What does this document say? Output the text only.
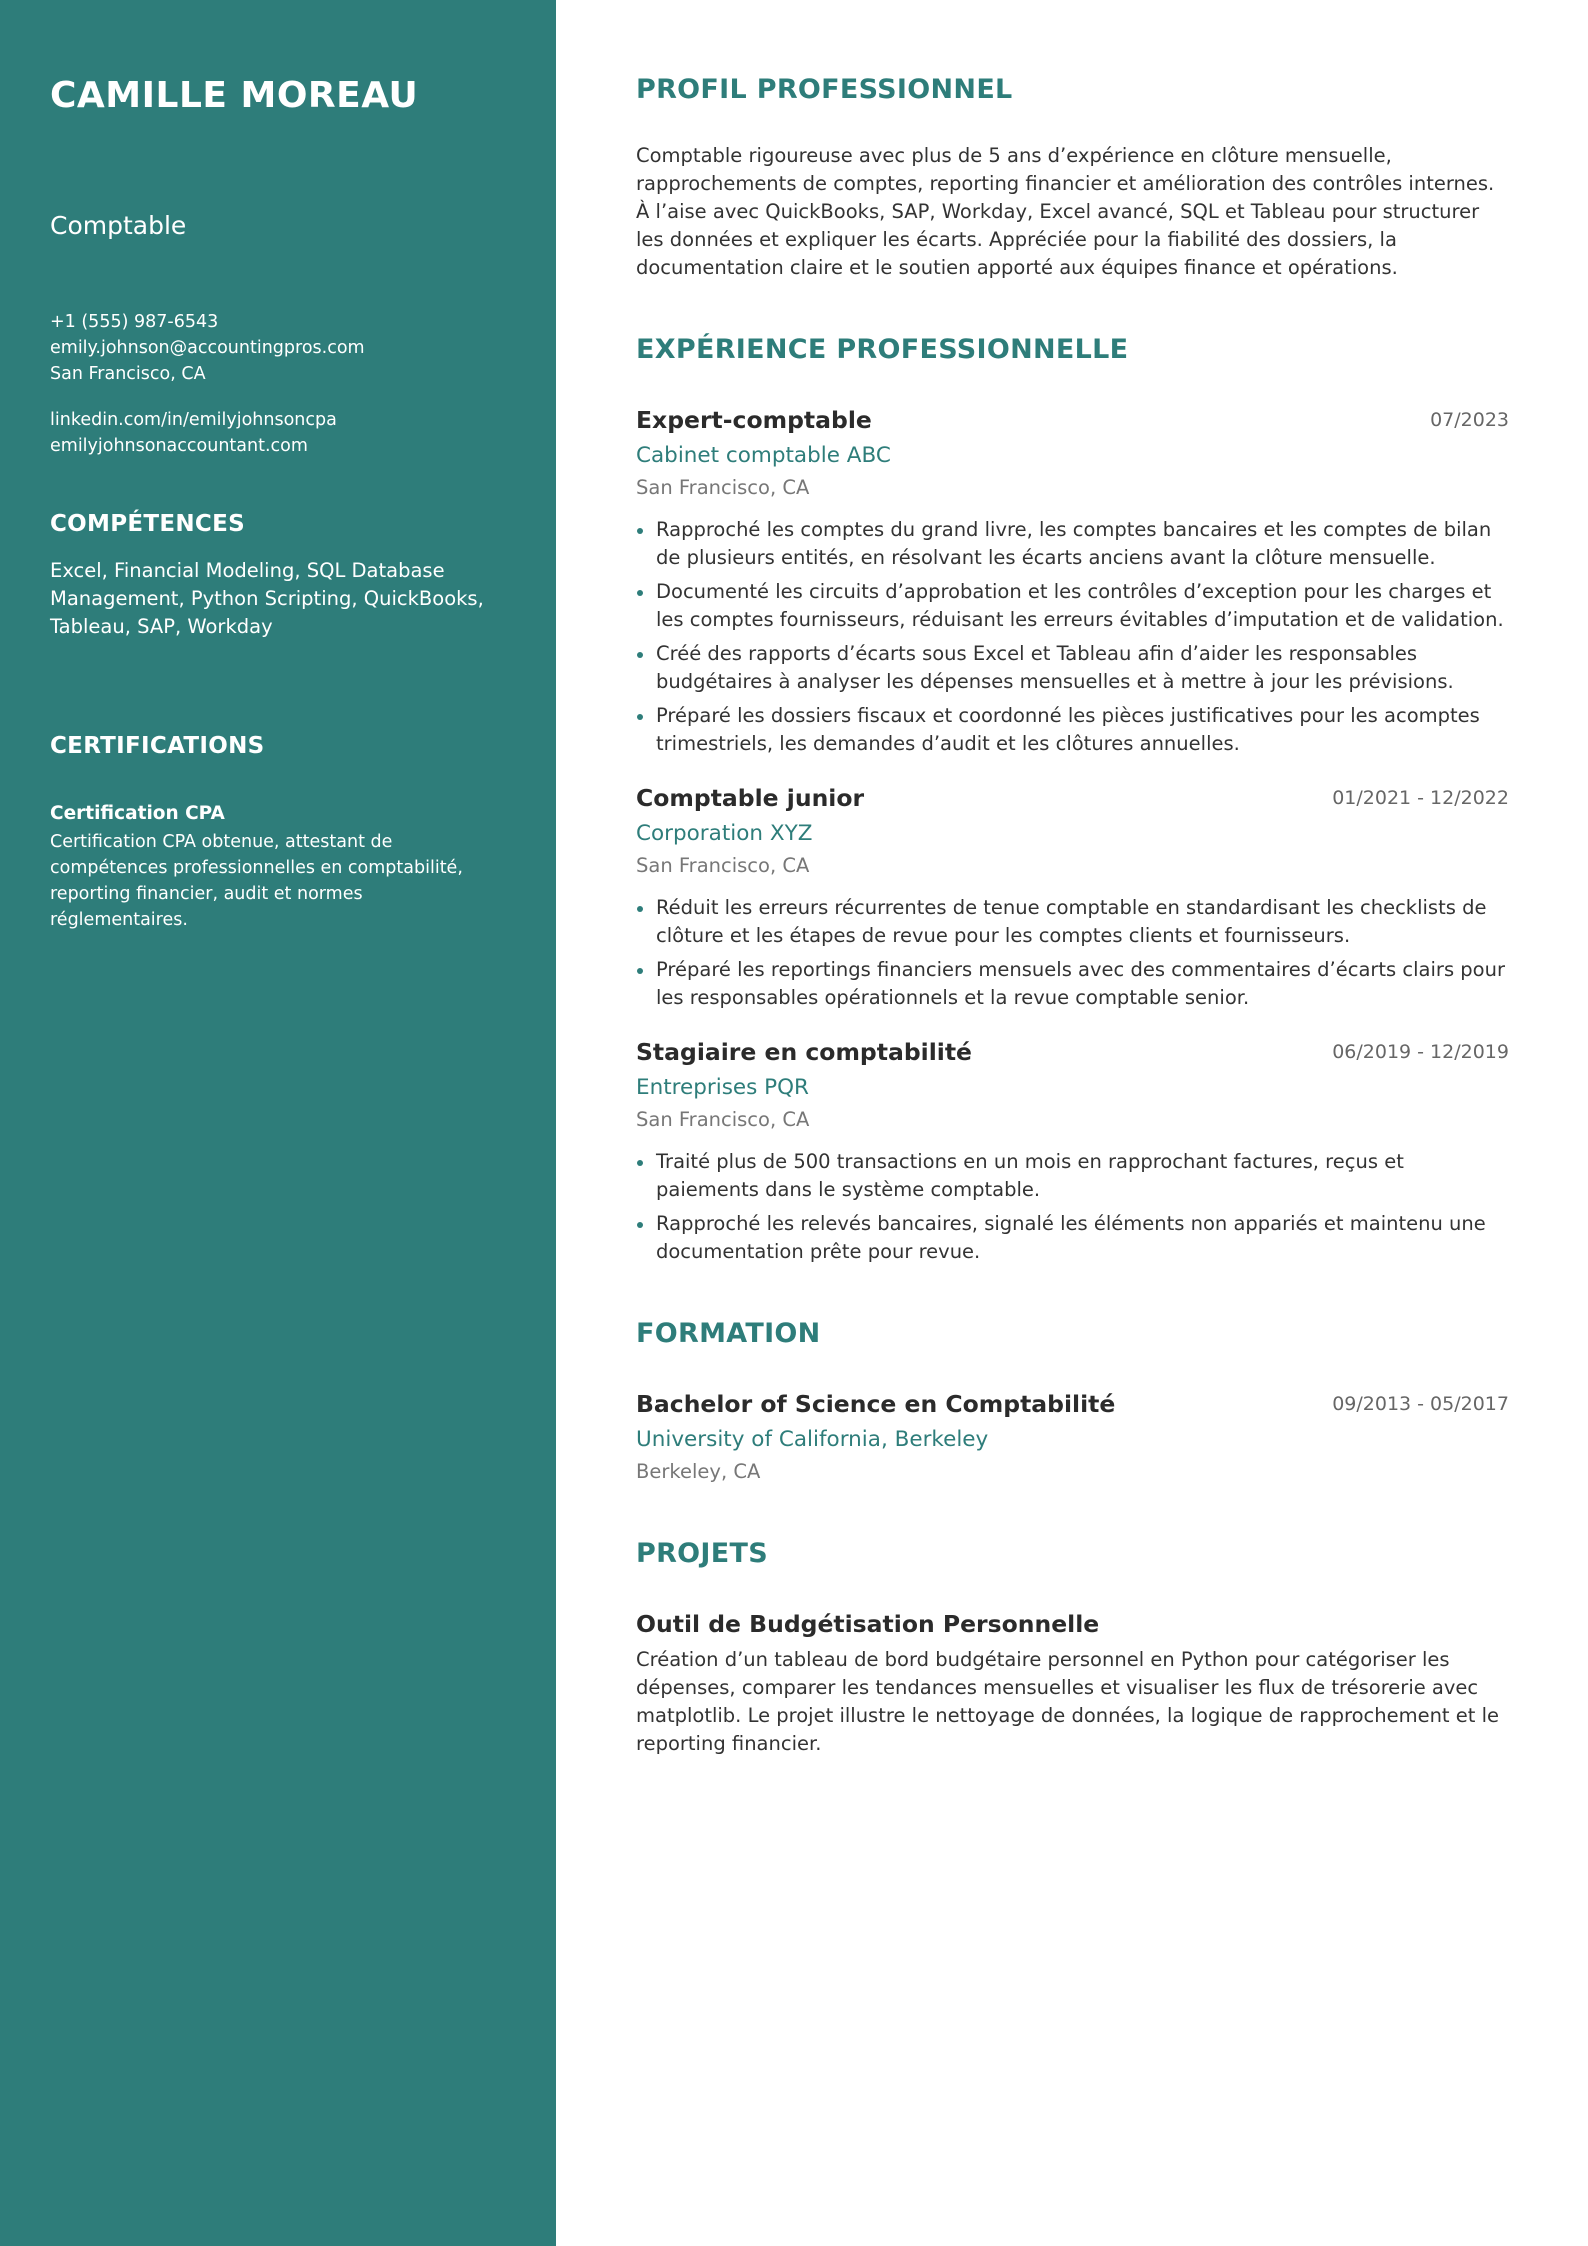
CAMILLE MOREAU
Comptable
+1 (555) 987-6543
emily.johnson@accountingpros.com
San Francisco, CA
linkedin.com/in/emilyjohnsoncpa
emilyjohnsonaccountant.com
COMPÉTENCES
Excel, Financial Modeling, SQL Database Management, Python Scripting, QuickBooks, Tableau, SAP, Workday
CERTIFICATIONS
Certification CPA
Certification CPA obtenue, attestant de compétences professionnelles en comptabilité, reporting financier, audit et normes réglementaires.
PROFIL PROFESSIONNEL
Comptable rigoureuse avec plus de 5 ans d’expérience en clôture mensuelle, rapprochements de comptes, reporting financier et amélioration des contrôles internes. À l’aise avec QuickBooks, SAP, Workday, Excel avancé, SQL et Tableau pour structurer les données et expliquer les écarts. Appréciée pour la fiabilité des dossiers, la documentation claire et le soutien apporté aux équipes finance et opérations.
EXPÉRIENCE PROFESSIONNELLE
Expert-comptable	07/2023
Cabinet comptable ABC
San Francisco, CA
Rapproché les comptes du grand livre, les comptes bancaires et les comptes de bilan de plusieurs entités, en résolvant les écarts anciens avant la clôture mensuelle.
Documenté les circuits d’approbation et les contrôles d’exception pour les charges et les comptes fournisseurs, réduisant les erreurs évitables d’imputation et de validation.
Créé des rapports d’écarts sous Excel et Tableau afin d’aider les responsables budgétaires à analyser les dépenses mensuelles et à mettre à jour les prévisions.
Préparé les dossiers fiscaux et coordonné les pièces justificatives pour les acomptes trimestriels, les demandes d’audit et les clôtures annuelles.
Comptable junior	01/2021 - 12/2022
Corporation XYZ
San Francisco, CA
Réduit les erreurs récurrentes de tenue comptable en standardisant les checklists de clôture et les étapes de revue pour les comptes clients et fournisseurs.
Préparé les reportings financiers mensuels avec des commentaires d’écarts clairs pour les responsables opérationnels et la revue comptable senior.
Stagiaire en comptabilité	06/2019 - 12/2019
Entreprises PQR
San Francisco, CA
Traité plus de 500 transactions en un mois en rapprochant factures, reçus et paiements dans le système comptable.
Rapproché les relevés bancaires, signalé les éléments non appariés et maintenu une documentation prête pour revue.
FORMATION
Bachelor of Science en Comptabilité	09/2013 - 05/2017
University of California, Berkeley
Berkeley, CA
PROJETS
Outil de Budgétisation Personnelle
Création d’un tableau de bord budgétaire personnel en Python pour catégoriser les dépenses, comparer les tendances mensuelles et visualiser les flux de trésorerie avec matplotlib. Le projet illustre le nettoyage de données, la logique de rapprochement et le reporting financier.
